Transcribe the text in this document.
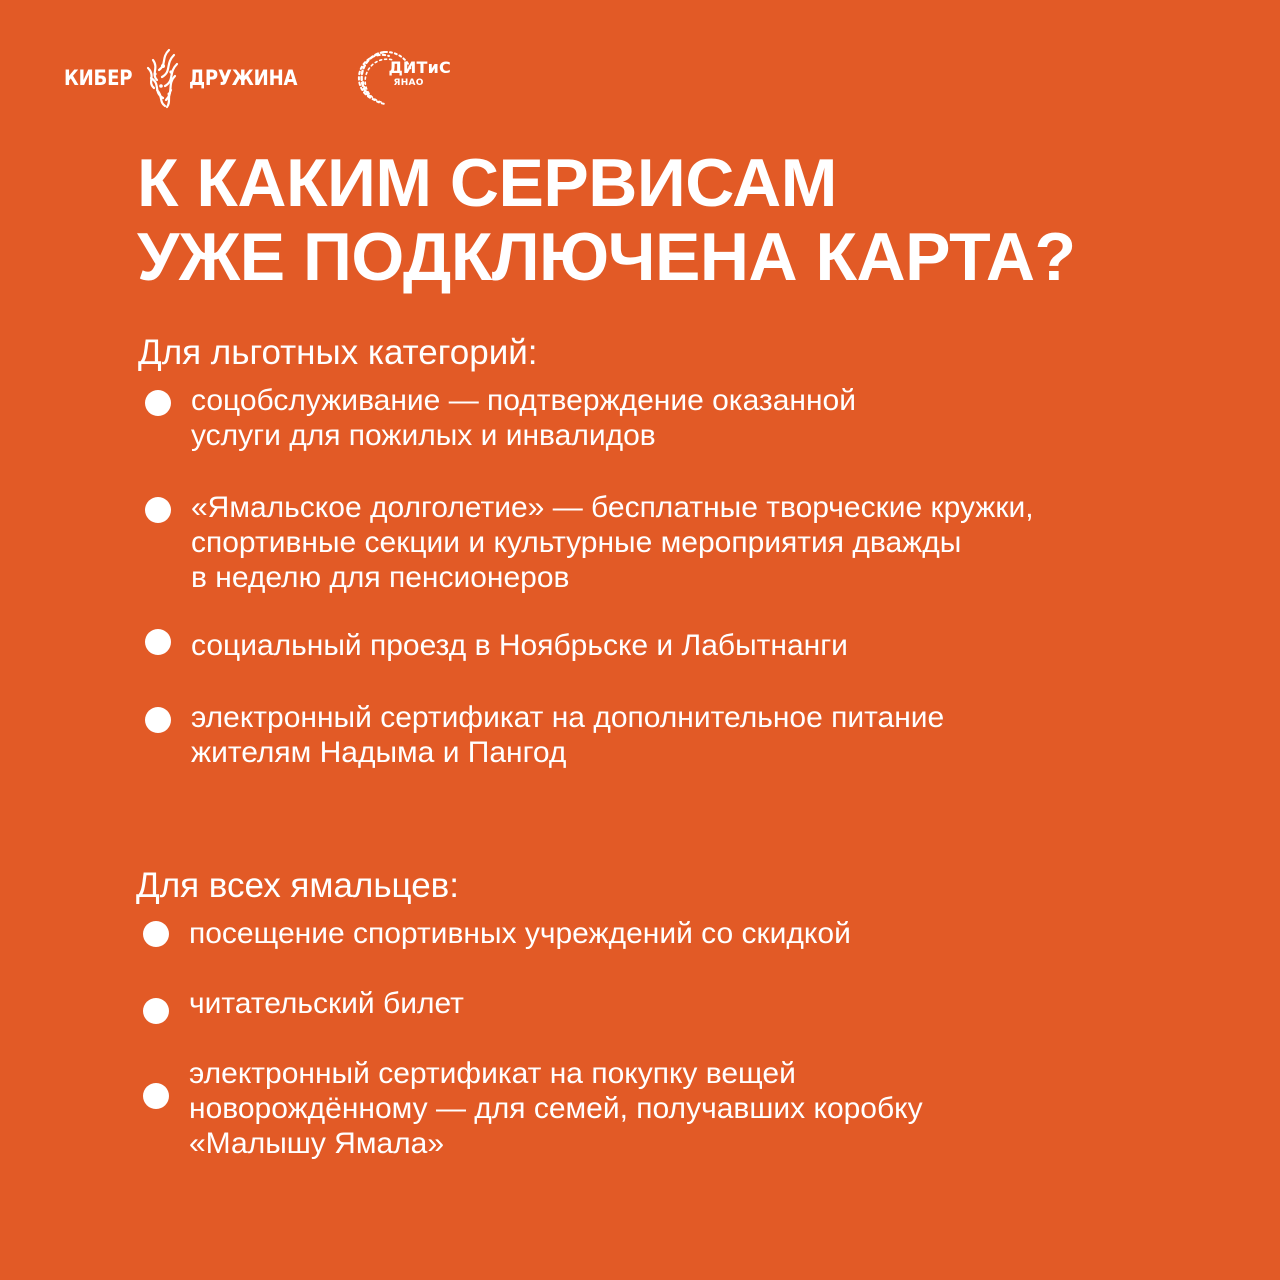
КИБЕР	ДРУЖИНА	ДИТиС
ЯНАО
К КАКИМ СЕРВИСАМ
УЖЕ ПОДКЛЮЧЕНА КАРТА?
Для льготных категорий:

соцобслуживание — подтверждение оказанной
услуги для пожилых и инвалидов

«Ямальское долголетие» — бесплатные творческие кружки,
спортивные секции и культурные мероприятия дважды
в неделю для пенсионеров

социальный проезд в Ноябрьске и Лабытнанги

электронный сертификат на дополнительное питание
жителям Надыма и Пангод

Для всех ямальцев:

посещение спортивных учреждений со скидкой

читательский билет

электронный сертификат на покупку вещей
новорождённому — для семей, получавших коробку
«Малышу Ямала»
